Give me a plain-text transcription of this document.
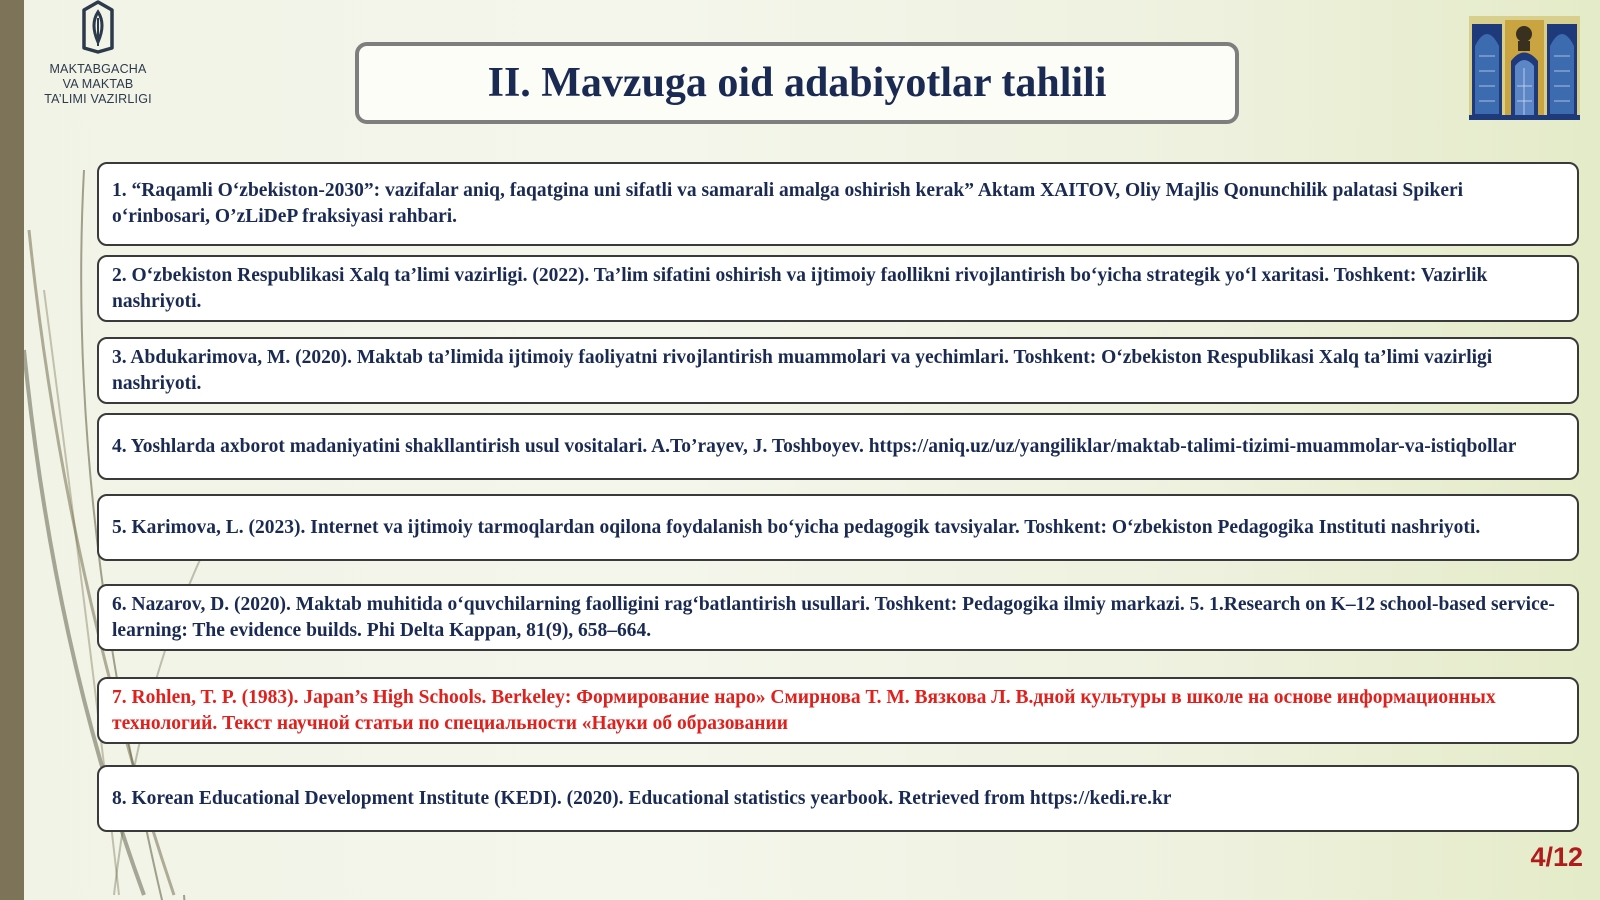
MAKTABGACHA
VA MAKTAB
TA’LIMI VAZIRLIGI	II. Mavzuga oid adabiyotlar tahlili
1. “Raqamli O‘zbekiston-2030”: vazifalar aniq, faqatgina uni sifatli va samarali amalga oshirish kerak” Aktam XAITOV, Oliy Majlis Qonunchilik palatasi Spikeri o‘rinbosari, O’zLiDeP fraksiyasi rahbari.
2. O‘zbekiston Respublikasi Xalq ta’limi vazirligi. (2022). Ta’lim sifatini oshirish va ijtimoiy faollikni rivojlantirish bo‘yicha strategik yo‘l xaritasi. Toshkent: Vazirlik nashriyoti.
3. Abdukarimova, M. (2020). Maktab ta’limida ijtimoiy faoliyatni rivojlantirish muammolari va yechimlari. Toshkent: O‘zbekiston Respublikasi Xalq ta’limi vazirligi nashriyoti.
4. Yoshlarda axborot madaniyatini shakllantirish usul vositalari. A.To’rayev, J. Toshboyev. https://aniq.uz/uz/yangiliklar/maktab-talimi-tizimi-muammolar-va-istiqbollar
5. Karimova, L. (2023). Internet va ijtimoiy tarmoqlardan oqilona foydalanish bo‘yicha pedagogik tavsiyalar. Toshkent: O‘zbekiston Pedagogika Instituti nashriyoti.
6. Nazarov, D. (2020). Maktab muhitida o‘quvchilarning faolligini rag‘batlantirish usullari. Toshkent: Pedagogika ilmiy markazi. 5. 1.Research on K–12 school-based service-learning: The evidence builds. Phi Delta Kappan, 81(9), 658–664.
7. Rohlen, T. P. (1983). Japan’s High Schools. Berkeley: Формирование наро» Смирнова Т. М. Вязкова Л. В.дной культуры в школе на основе информационных технологий. Текст научной статьи по специальности «Науки об образовании
8. Korean Educational Development Institute (KEDI). (2020). Educational statistics yearbook. Retrieved from https://kedi.re.kr
4/12
